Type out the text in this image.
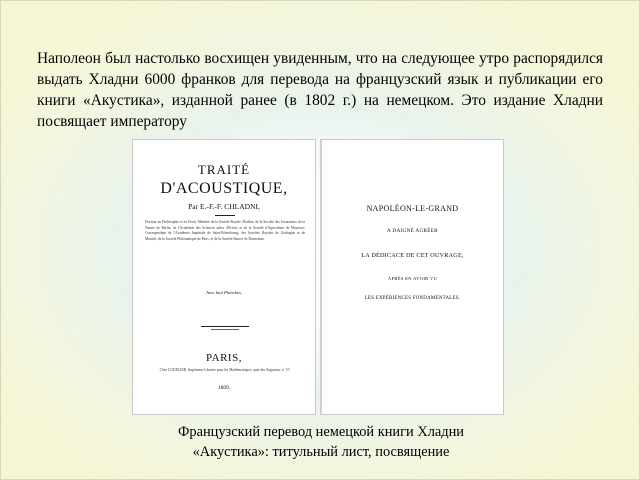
Наполеон был настолько восхищен увиденным, что на следующее утро распорядился выдать Хладни 6000 франков для перевода на французский язык и публикации его книги «Акустика», изданной ранее (в 1802 г.) на немецком. Это издание Хладни посвящает императору

TRAITÉ
D'ACOUSTIQUE,
Par E.-F.-F. CHLADNI,
Docteur en Philosophie et en Droit; Membre de la Société Royale d'Italien, de la Société des Scrutateurs de la Nature de Berlin, de l'Académie des Sciences utiles d'Erfurt, et de la Société d'Agriculture de Mayence; Correspondant de l'Académie Impériale de Saint-Pétersbourg, des Sociétés Royales de Gottingue et de Munich, de la Société Philomatique de Paris, et de la Société Batave de Rotterdam.
Avec huit Planches.
PARIS,
Chez COURCIER, Imprimeur-Libraire pour les Mathématiques, quai des Augustins, nº 57.
1809.
NAPOLÉON-LE-GRAND
A DAIGNÉ AGRÉER
LA DÉDICACE DE CET OUVRAGE,
APRÈS EN AVOIR VU
LES EXPÉRIENCES FONDAMENTALES.
Французский перевод немецкой книги Хладни
«Акустика»: титульный лист, посвящение
